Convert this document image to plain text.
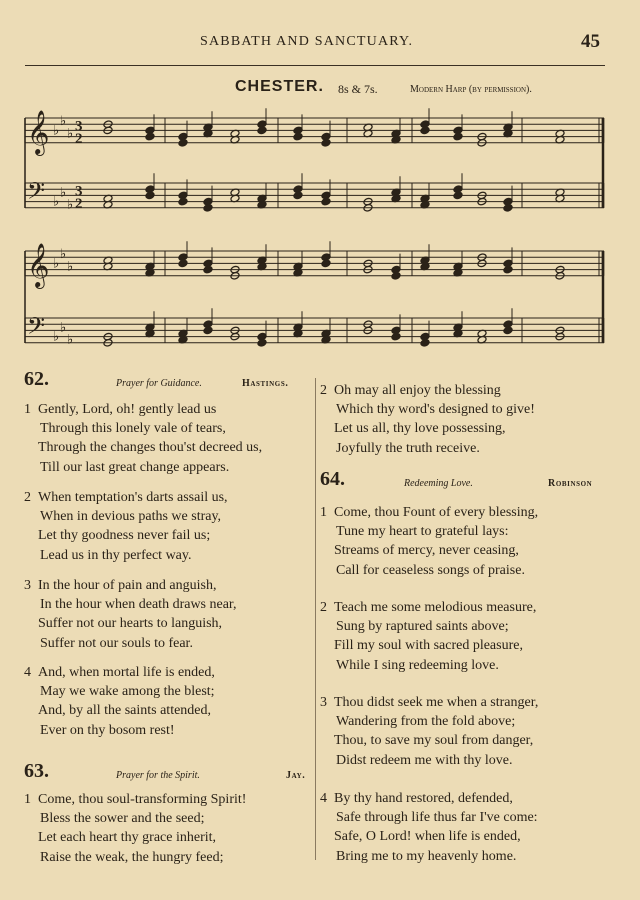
SABBATH AND SANCTUARY.	45
CHESTER. 8s & 7s.	Modern Harp (by permission).
𝄞 ♭
♭
♭ 3
2
𝄢 ♭
♭
♭
3
2
𝄞 ♭
♭
♭
𝄢 ♭
♭
♭
62.	Prayer for Guidance.	Hastings.
1 Gently, Lord, oh! gently lead us
Through this lonely vale of tears,
Through the changes thou'st decreed us,
Till our last great change appears.
2 When temptation's darts assail us,
When in devious paths we stray,
Let thy goodness never fail us;
Lead us in thy perfect way.
3 In the hour of pain and anguish,
In the hour when death draws near,
Suffer not our hearts to languish,
Suffer not our souls to fear.
4 And, when mortal life is ended,
May we wake among the blest;
And, by all the saints attended,
Ever on thy bosom rest!
63.	Prayer for the Spirit.	Jay.
1 Come, thou soul-transforming Spirit!
Bless the sower and the seed;
Let each heart thy grace inherit,
Raise the weak, the hungry feed;
2 Oh may all enjoy the blessing
Which thy word's designed to give!
Let us all, thy love possessing,
Joyfully the truth receive.
64.	Redeeming Love.	Robinson
1 Come, thou Fount of every blessing,
Tune my heart to grateful lays:
Streams of mercy, never ceasing,
Call for ceaseless songs of praise.
2 Teach me some melodious measure,
Sung by raptured saints above;
Fill my soul with sacred pleasure,
While I sing redeeming love.
3 Thou didst seek me when a stranger,
Wandering from the fold above;
Thou, to save my soul from danger,
Didst redeem me with thy love.
4 By thy hand restored, defended,
Safe through life thus far I've come:
Safe, O Lord! when life is ended,
Bring me to my heavenly home.
